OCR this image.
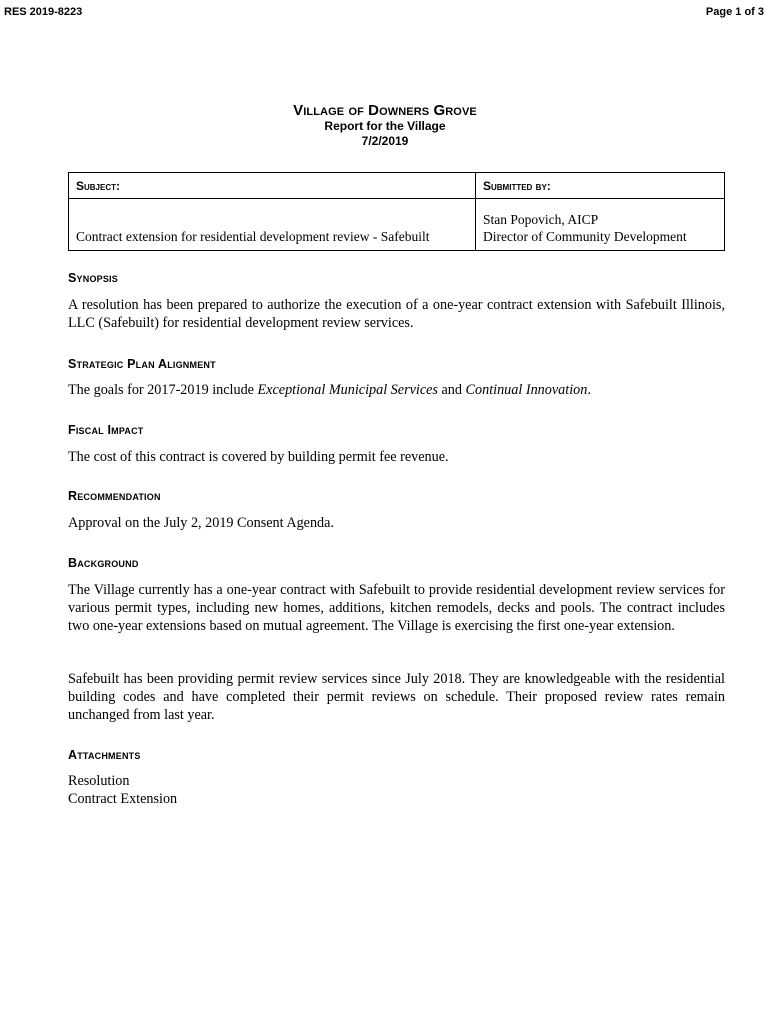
RES 2019-8223	Page 1 of 3
Village of Downers Grove
Report for the Village
7/2/2019
Subject:	Submitted by:
Contract extension for residential development review - Safebuilt	Stan Popovich, AICP
Director of Community Development
Synopsis
A resolution has been prepared to authorize the execution of a one-year contract extension with Safebuilt Illinois, LLC (Safebuilt) for residential development review services.
Strategic Plan Alignment
The goals for 2017-2019 include Exceptional Municipal Services and Continual Innovation.
Fiscal Impact
The cost of this contract is covered by building permit fee revenue.
Recommendation
Approval on the July 2, 2019 Consent Agenda.
Background
The Village currently has a one-year contract with Safebuilt to provide residential development review services for various permit types, including new homes, additions, kitchen remodels, decks and pools. The contract includes two one-year extensions based on mutual agreement. The Village is exercising the first one-year extension.
Safebuilt has been providing permit review services since July 2018. They are knowledgeable with the residential building codes and have completed their permit reviews on schedule. Their proposed review rates remain unchanged from last year.
Attachments
Resolution
Contract Extension
